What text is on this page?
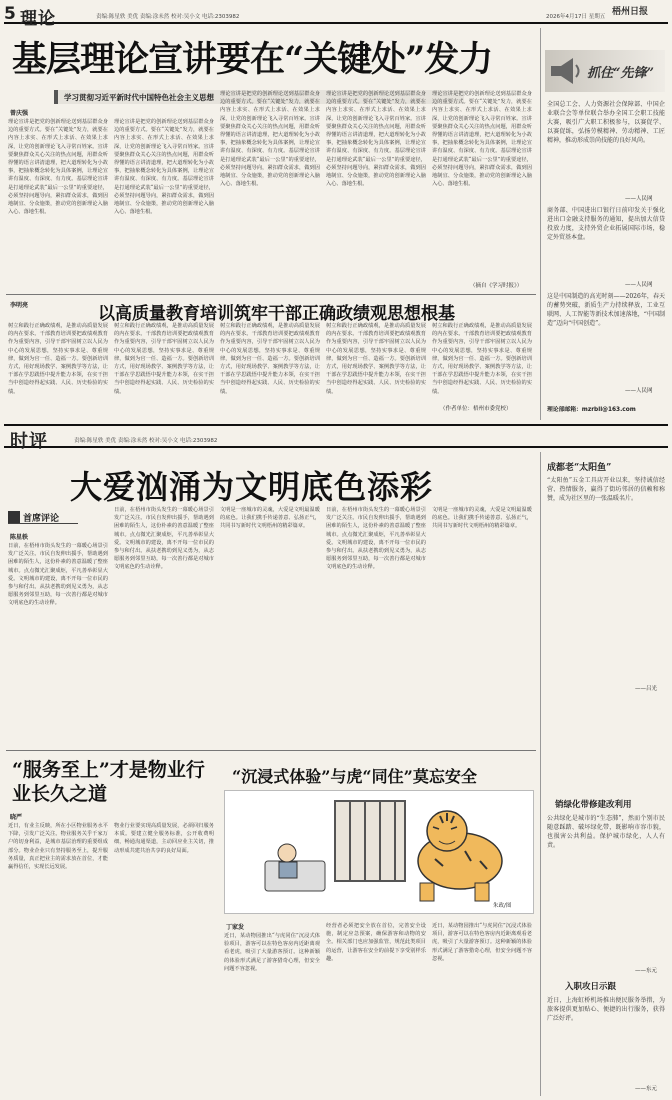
5 理论	责编:陈星轶 美优 责编:涂未然 校对:吴小文 电话:2303982	2026年4月17日 星期五 梧州日报
基层理论宣讲要在“关键处”发力
学习贯彻习近平新时代中国特色社会主义思想
曾庆强
理论宣讲是把党的创新理论送到基层群众身边的重要方式。要在“关键处”发力，就要在内容上求实、在形式上求活、在效果上求深，让党的创新理论飞入寻常百姓家。宣讲要聚焦群众关心关注的热点问题，用群众听得懂的语言讲清道理，把大道理转化为小故事，把抽象概念转化为具体案例，让理论宣讲有温度、有深度、有力度。基层理论宣讲是打通理论武装“最后一公里”的重要途径，必须坚持问题导向，紧扣群众需求，做到因地制宜、分众施策，推动党的创新理论入脑入心、落地生根。
理论宣讲是把党的创新理论送到基层群众身边的重要方式。要在“关键处”发力，就要在内容上求实、在形式上求活、在效果上求深，让党的创新理论飞入寻常百姓家。宣讲要聚焦群众关心关注的热点问题，用群众听得懂的语言讲清道理，把大道理转化为小故事，把抽象概念转化为具体案例，让理论宣讲有温度、有深度、有力度。基层理论宣讲是打通理论武装“最后一公里”的重要途径，必须坚持问题导向，紧扣群众需求，做到因地制宜、分众施策，推动党的创新理论入脑入心、落地生根。
理论宣讲是把党的创新理论送到基层群众身边的重要方式。要在“关键处”发力，就要在内容上求实、在形式上求活、在效果上求深，让党的创新理论飞入寻常百姓家。宣讲要聚焦群众关心关注的热点问题，用群众听得懂的语言讲清道理，把大道理转化为小故事，把抽象概念转化为具体案例，让理论宣讲有温度、有深度、有力度。基层理论宣讲是打通理论武装“最后一公里”的重要途径，必须坚持问题导向，紧扣群众需求，做到因地制宜、分众施策，推动党的创新理论入脑入心、落地生根。
理论宣讲是把党的创新理论送到基层群众身边的重要方式。要在“关键处”发力，就要在内容上求实、在形式上求活、在效果上求深，让党的创新理论飞入寻常百姓家。宣讲要聚焦群众关心关注的热点问题，用群众听得懂的语言讲清道理，把大道理转化为小故事，把抽象概念转化为具体案例，让理论宣讲有温度、有深度、有力度。基层理论宣讲是打通理论武装“最后一公里”的重要途径，必须坚持问题导向，紧扣群众需求，做到因地制宜、分众施策，推动党的创新理论入脑入心、落地生根。
理论宣讲是把党的创新理论送到基层群众身边的重要方式。要在“关键处”发力，就要在内容上求实、在形式上求活、在效果上求深，让党的创新理论飞入寻常百姓家。宣讲要聚焦群众关心关注的热点问题，用群众听得懂的语言讲清道理，把大道理转化为小故事，把抽象概念转化为具体案例，让理论宣讲有温度、有深度、有力度。基层理论宣讲是打通理论武装“最后一公里”的重要途径，必须坚持问题导向，紧扣群众需求，做到因地制宜、分众施策，推动党的创新理论入脑入心、落地生根。
（摘自《学习时报》）
以高质量教育培训筑牢干部正确政绩观思想根基
李明亮
树立和践行正确政绩观，是推动高质量发展的内在要求。干部教育培训要把政绩观教育作为重要内容，引导干部牢固树立以人民为中心的发展思想，坚持实事求是、尊重规律，做到为官一任、造福一方。要创新培训方式，用好现场教学、案例教学等方法，让干部在学思践悟中提升能力本领，在实干担当中创造经得起实践、人民、历史检验的实绩。
树立和践行正确政绩观，是推动高质量发展的内在要求。干部教育培训要把政绩观教育作为重要内容，引导干部牢固树立以人民为中心的发展思想，坚持实事求是、尊重规律，做到为官一任、造福一方。要创新培训方式，用好现场教学、案例教学等方法，让干部在学思践悟中提升能力本领，在实干担当中创造经得起实践、人民、历史检验的实绩。
树立和践行正确政绩观，是推动高质量发展的内在要求。干部教育培训要把政绩观教育作为重要内容，引导干部牢固树立以人民为中心的发展思想，坚持实事求是、尊重规律，做到为官一任、造福一方。要创新培训方式，用好现场教学、案例教学等方法，让干部在学思践悟中提升能力本领，在实干担当中创造经得起实践、人民、历史检验的实绩。
树立和践行正确政绩观，是推动高质量发展的内在要求。干部教育培训要把政绩观教育作为重要内容，引导干部牢固树立以人民为中心的发展思想，坚持实事求是、尊重规律，做到为官一任、造福一方。要创新培训方式，用好现场教学、案例教学等方法，让干部在学思践悟中提升能力本领，在实干担当中创造经得起实践、人民、历史检验的实绩。
树立和践行正确政绩观，是推动高质量发展的内在要求。干部教育培训要把政绩观教育作为重要内容，引导干部牢固树立以人民为中心的发展思想，坚持实事求是、尊重规律，做到为官一任、造福一方。要创新培训方式，用好现场教学、案例教学等方法，让干部在学思践悟中提升能力本领，在实干担当中创造经得起实践、人民、历史检验的实绩。
（作者单位：梧州市委党校）
抓住“先锋”
全国总工会、人力资源社会保障部、中国企业联合会等单位联合举办全国工会职工技能大赛，吸引广大职工积极参与，以赛促学、以赛促练，弘扬劳模精神、劳动精神、工匠精神，推动形成崇尚技能的良好风尚。
——人民网
商务部、中国进出口银行日前印发关于强化进出口金融支持服务的通知，提出加大信贷投放力度，支持外贸企业拓展国际市场，稳定外贸基本盘。
——人民网
这是中国制造的高光时刻——2026年，春天的蓄势突破，新质生产力持续释放，工业互联网、人工智能等新技术加速落地，“中国制造”迈向“中国创造”。
——人民网
理论部邮箱：mzrbll@163.com
时评	责编:陈星轶 美优 责编:涂未然 校对:吴小文 电话:2303982
大爱汹涌为文明底色添彩
首席评论
陈星轶
日前，在梧州市街头发生的一幕暖心场景引发广泛关注。市民自发伸出援手，帮助遇到困难的陌生人，这份朴素的善意温暖了整座城市。点点微光汇聚成炬，平凡善举彰显大爱。文明城市的建设，离不开每一位市民的参与和付出。从扶老携幼到见义勇为，从志愿服务到邻里互助，每一次善行都是对城市文明底色的生动诠释。
日前，在梧州市街头发生的一幕暖心场景引发广泛关注。市民自发伸出援手，帮助遇到困难的陌生人，这份朴素的善意温暖了整座城市。点点微光汇聚成炬，平凡善举彰显大爱。文明城市的建设，离不开每一位市民的参与和付出。从扶老携幼到见义勇为，从志愿服务到邻里互助，每一次善行都是对城市文明底色的生动诠释。
文明是一座城市的灵魂，大爱是文明最温暖的底色。让我们携手传递善意、弘扬正气，共同书写新时代文明梧州的精彩篇章。
日前，在梧州市街头发生的一幕暖心场景引发广泛关注。市民自发伸出援手，帮助遇到困难的陌生人，这份朴素的善意温暖了整座城市。点点微光汇聚成炬，平凡善举彰显大爱。文明城市的建设，离不开每一位市民的参与和付出。从扶老携幼到见义勇为，从志愿服务到邻里互助，每一次善行都是对城市文明底色的生动诠释。
文明是一座城市的灵魂，大爱是文明最温暖的底色。让我们携手传递善意、弘扬正气，共同书写新时代文明梧州的精彩篇章。
“服务至上”才是物业行业长久之道
晓严
近日，有业主反映，所在小区物业服务水平下降，引发广泛关注。物业服务关乎千家万户的切身利益，是城市基层治理的重要组成部分。物业企业只有坚持服务至上，提升服务质量，真正把业主的需求放在首位，才能赢得信任，实现长远发展。
物业行业要实现高质量发展，必须回归服务本质。要建立健全服务标准，公开收费明细，畅通沟通渠道，主动回应业主关切，推动形成共建共治共享的良好局面。
“沉浸式体验”与虎“同住”莫忘安全
朱政/图
丁家发
近日，某动物园推出“与虎同住”沉浸式体验项目，游客可以在特色客房内近距离观看老虎，吸引了大量游客预订。这种新颖的体验形式满足了游客猎奇心理，但安全问题不容忽视。
经营者必须把安全放在首位，完善安全设施，制定应急预案，确保游客和动物的安全。相关部门也应加强监管，规范此类项目的运营，让游客在安全的前提下享受别样乐趣。
近日，某动物园推出“与虎同住”沉浸式体验项目，游客可以在特色客房内近距离观看老虎，吸引了大量游客预订。这种新颖的体验形式满足了游客猎奇心理，但安全问题不容忽视。
成都老“太阳鱼”
“太阳鱼”五金工具店开业以来，坚持诚信经营、热情服务，赢得了街坊邻居的信赖和称赞，成为社区里的一张温暖名片。
——吕光
销绿化带修建改利用
公共绿化是城市的“生态肺”，然而个别市民随意踩踏、破坏绿化带，既影响市容市貌，也损害公共利益。保护城市绿化，人人有责。
——东元
入职攻日示跟
近日，上海虹桥机场推出便民服务举措，为旅客提供更加贴心、便捷的出行服务，获得广泛好评。
——东元
